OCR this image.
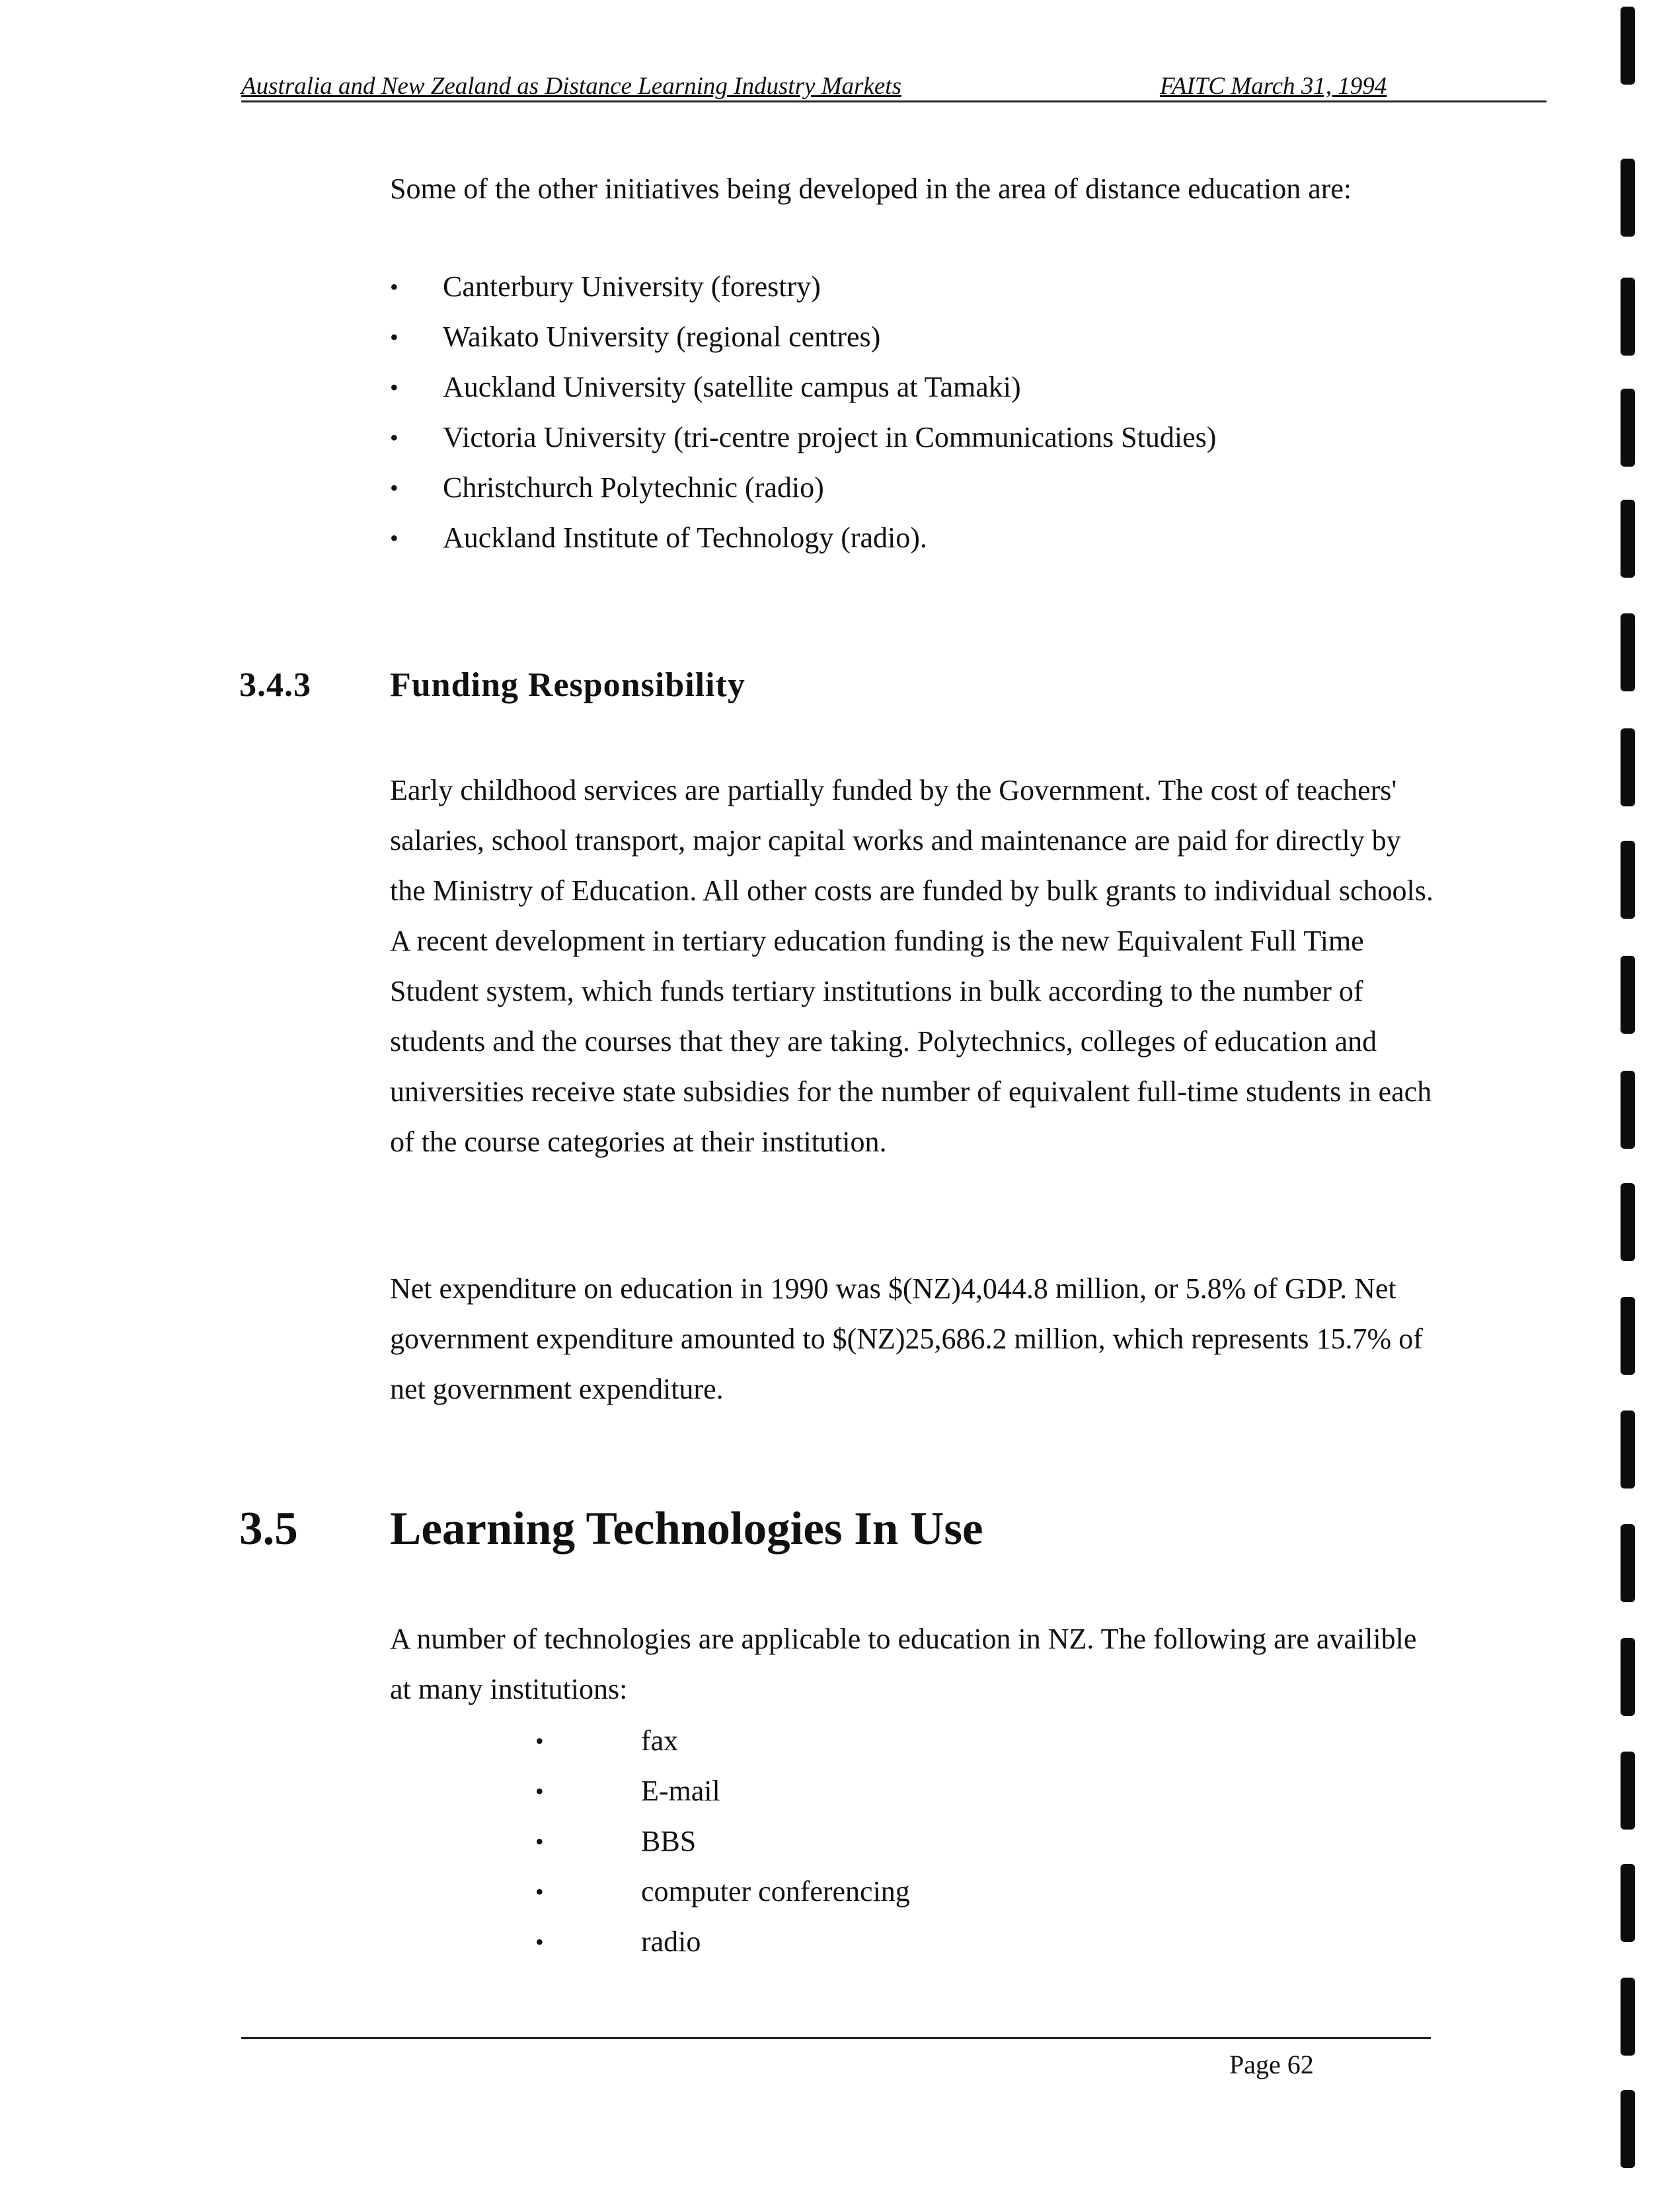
Australia and New Zealand as Distance Learning Industry Markets	FAITC March 31, 1994

Some of the other initiatives being developed in the area of distance education are:

• Canterbury University (forestry)
• Waikato University (regional centres)
• Auckland University (satellite campus at Tamaki)
• Victoria University (tri-centre project in Communications Studies)
• Christchurch Polytechnic (radio)
• Auckland Institute of Technology (radio).
3.4.3 Funding Responsibility

Early childhood services are partially funded by the Government. The cost of teachers' salaries, school transport, major capital works and maintenance are paid for directly by the Ministry of Education. All other costs are funded by bulk grants to individual schools. A recent development in tertiary education funding is the new Equivalent Full Time Student system, which funds tertiary institutions in bulk according to the number of students and the courses that they are taking. Polytechnics, colleges of education and universities receive state subsidies for the number of equivalent full-time students in each of the course categories at their institution.

Net expenditure on education in 1990 was $(NZ)4,044.8 million, or 5.8% of GDP. Net government expenditure amounted to $(NZ)25,686.2 million, which represents 15.7% of net government expenditure.

3.5 Learning Technologies In Use

A number of technologies are applicable to education in NZ. The following are availible at many institutions:

•	fax
•	E-mail
•	BBS
•	computer conferencing
•	radio
Page 62
